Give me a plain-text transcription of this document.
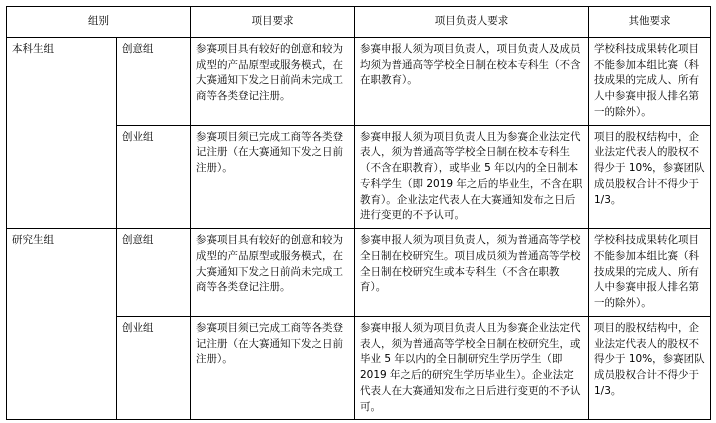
组别		项目要求	项目负责人要求	其他要求
本科生组	创意组	参赛项目具有较好的创意和较为成型的产品原型或服务模式，在大赛通知下发之日前尚未完成工商等各类登记注册。	参赛申报人须为项目负责人，项目负责人及成员均须为普通高等学校全日制在校本专科生（不含在职教育）。	学校科技成果转化项目不能参加本组比赛（科技成果的完成人、所有人中参赛申报人排名第一的除外）。
	创业组	参赛项目须已完成工商等各类登记注册（在大赛通知下发之日前注册）。	参赛申报人须为项目负责人且为参赛企业法定代表人，须为普通高等学校全日制在校本专科生（不含在职教育），或毕业 5 年以内的全日制本专科学生（即 2019 年之后的毕业生，不含在职教育）。企业法定代表人在大赛通知发布之日后进行变更的不予认可。	项目的股权结构中，企业法定代表人的股权不得少于 10%，参赛团队成员股权合计不得少于 1/3。
研究生组	创意组	参赛项目具有较好的创意和较为成型的产品原型或服务模式，在大赛通知下发之日前尚未完成工商等各类登记注册。	参赛申报人须为项目负责人，须为普通高等学校全日制在校研究生。项目成员须为普通高等学校全日制在校研究生或本专科生（不含在职教育）。	学校科技成果转化项目不能参加本组比赛（科技成果的完成人、所有人中参赛申报人排名第一的除外）。
	创业组	参赛项目须已完成工商等各类登记注册（在大赛通知下发之日前注册）。	参赛申报人须为项目负责人且为参赛企业法定代表人，须为普通高等学校全日制在校研究生，或毕业 5 年以内的全日制研究生学历学生（即 2019 年之后的研究生学历毕业生）。企业法定代表人在大赛通知发布之日后进行变更的不予认可。	项目的股权结构中，企业法定代表人的股权不得少于 10%，参赛团队成员股权合计不得少于 1/3。
